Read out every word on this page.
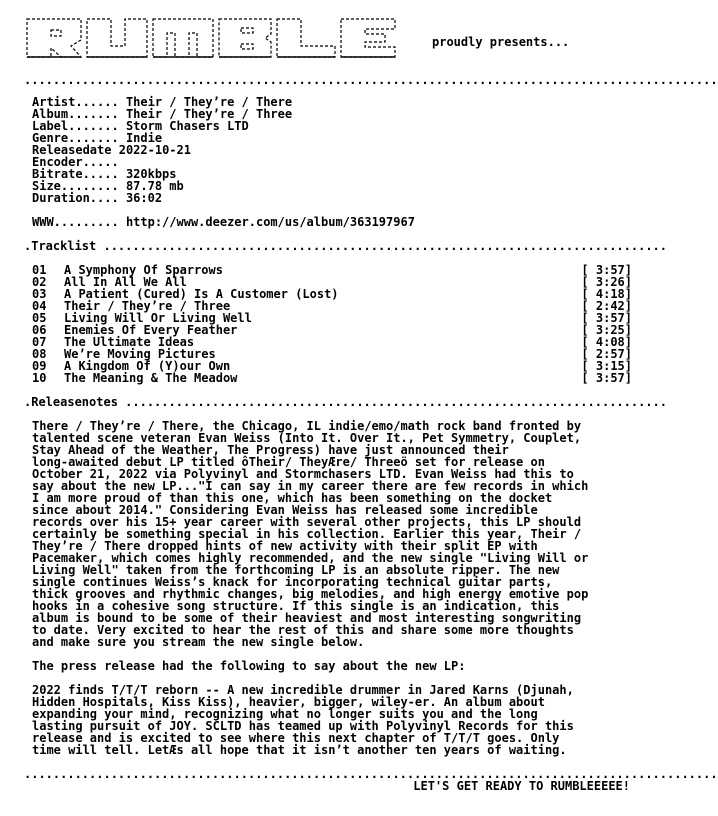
proudly presents...
................................................................................................
Artist...... Their / They’re / There
Album....... Their / They’re / Three
Label....... Storm Chasers LTD
Genre....... Indie
Releasedate 2022-10-21
Encoder.....
Bitrate..... 320kbps
Size........ 87.78 mb
Duration.... 36:02
WWW......... http://www.deezer.com/us/album/363197967
.Tracklist ..............................................................................
01	A Symphony Of Sparrows	[ 3:57]
02	All In All We All	[ 3:26]
03	A Patient (Cured) Is A Customer (Lost)	[ 4:18]
04	Their / They’re / Three	[ 2:42]
05	Living Will Or Living Well	[ 3:57]
06	Enemies Of Every Feather	[ 3:25]
07	The Ultimate Ideas	[ 4:08]
08	We’re Moving Pictures	[ 2:57]
09	A Kingdom Of (Y)our Own	[ 3:15]
10	The Meaning & The Meadow	[ 3:57]
.Releasenotes ...........................................................................
There / They’re / There, the Chicago, IL indie/emo/math rock band fronted by
talented scene veteran Evan Weiss (Into It. Over It., Pet Symmetry, Couplet,
Stay Ahead of the Weather, The Progress) have just announced their
long-awaited debut LP titled ôTheir/ TheyÆre/ Threeö set for release on
October 21, 2022 via Polyvinyl and Stormchasers LTD. Evan Weiss had this to
say about the new LP..."I can say in my career there are few records in which
I am more proud of than this one, which has been something on the docket
since about 2014." Considering Evan Weiss has released some incredible
records over his 15+ year career with several other projects, this LP should
certainly be something special in his collection. Earlier this year, Their /
They’re / There dropped hints of new activity with their split EP with
Pacemaker, which comes highly recommended, and the new single "Living Will or
Living Well" taken from the forthcoming LP is an absolute ripper. The new
single continues Weiss’s knack for incorporating technical guitar parts,
thick grooves and rhythmic changes, big melodies, and high energy emotive pop
hooks in a cohesive song structure. If this single is an indication, this
album is bound to be some of their heaviest and most interesting songwriting
to date. Very excited to hear the rest of this and share some more thoughts
and make sure you stream the new single below.
The press release had the following to say about the new LP:
2022 finds T/T/T reborn -- A new incredible drummer in Jared Karns (Djunah,
Hidden Hospitals, Kiss Kiss), heavier, bigger, wiley-er. An album about
expanding your mind, recognizing what no longer suits you and the long
lasting pursuit of JOY. SCLTD has teamed up with Polyvinyl Records for this
release and is excited to see where this next chapter of T/T/T goes. Only
time will tell. LetÆs all hope that it isn’t another ten years of waiting.
................................................................................................
LET'S GET READY TO RUMBLEEEEE!
